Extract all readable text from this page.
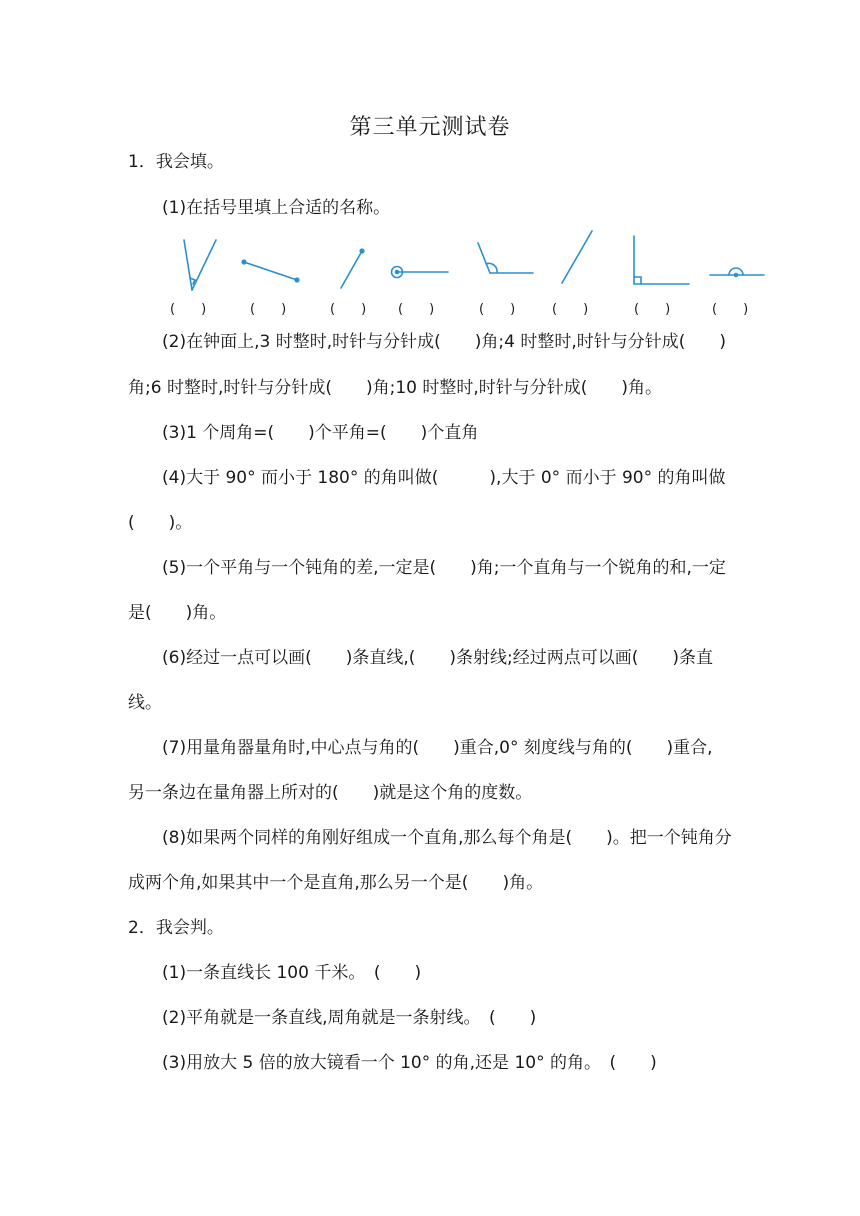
第三单元测试卷
1．我会填。
(1)在括号里填上合适的名称。
(　　)	(　　)	(　　) (　　)	(　　)	(　　)	(　　)	(　　)
(2)在钟面上,3 时整时,时针与分针成(　　)角;4 时整时,时针与分针成(　　)
角;6 时整时,时针与分针成(　　)角;10 时整时,时针与分针成(　　)角。
(3)1 个周角=(　　)个平角=(　　)个直角
(4)大于 90° 而小于 180° 的角叫做(　　　),大于 0° 而小于 90° 的角叫做
(　　)。
(5)一个平角与一个钝角的差,一定是(　　)角;一个直角与一个锐角的和,一定
是(　　)角。
(6)经过一点可以画(　　)条直线,(　　)条射线;经过两点可以画(　　)条直
线。
(7)用量角器量角时,中心点与角的(　　)重合,0° 刻度线与角的(　　)重合,
另一条边在量角器上所对的(　　)就是这个角的度数。
(8)如果两个同样的角刚好组成一个直角,那么每个角是(　　)。把一个钝角分
成两个角,如果其中一个是直角,那么另一个是(　　)角。
2．我会判。
(1)一条直线长 100 千米。　(　　)
(2)平角就是一条直线,周角就是一条射线。　(　　)
(3)用放大 5 倍的放大镜看一个 10° 的角,还是 10° 的角。　(　　)
